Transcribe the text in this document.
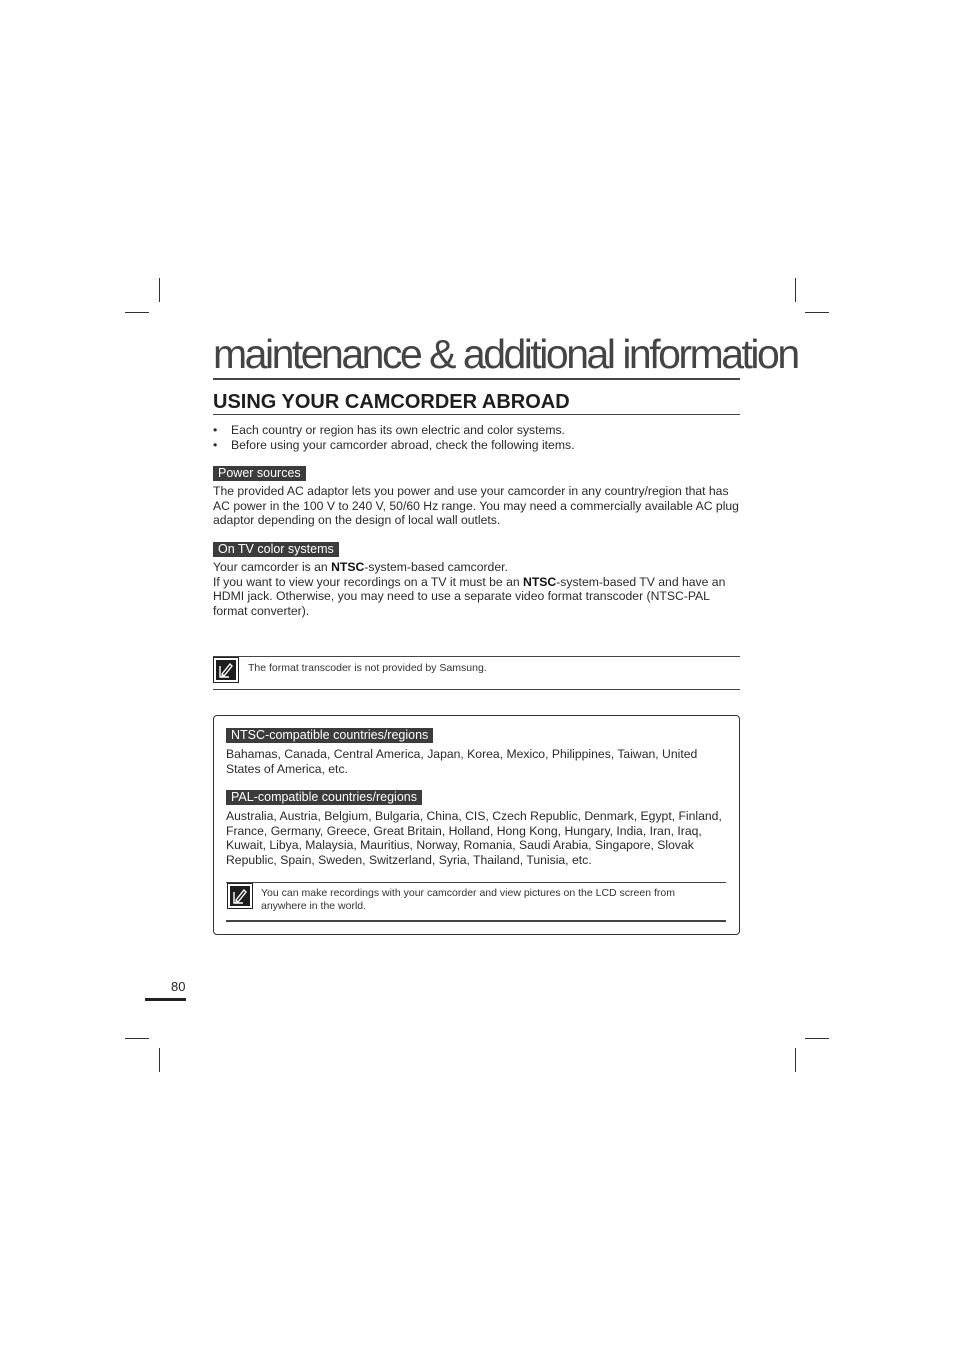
maintenance & additional information
USING YOUR CAMCORDER ABROAD
• Each country or region has its own electric and color systems.
• Before using your camcorder abroad, check the following items.
Power sources

The provided AC adaptor lets you power and use your camcorder in any country/region that has AC power in the 100 V to 240 V, 50/60 Hz range. You may need a commercially available AC plug adaptor depending on the design of local wall outlets.

On TV color systems

Your camcorder is an NTSC-system-based camcorder.
If you want to view your recordings on a TV it must be an NTSC-system-based TV and have an HDMI jack. Otherwise, you may need to use a separate video format transcoder (NTSC-PAL format converter).

The format transcoder is not provided by Samsung.
NTSC-compatible countries/regions

Bahamas, Canada, Central America, Japan, Korea, Mexico, Philippines, Taiwan, United States of America, etc.

PAL-compatible countries/regions

Australia, Austria, Belgium, Bulgaria, China, CIS, Czech Republic, Denmark, Egypt, Finland, France, Germany, Greece, Great Britain, Holland, Hong Kong, Hungary, India, Iran, Iraq, Kuwait, Libya, Malaysia, Mauritius, Norway, Romania, Saudi Arabia, Singapore, Slovak Republic, Spain, Sweden, Switzerland, Syria, Thailand, Tunisia, etc.

You can make recordings with your camcorder and view pictures on the LCD screen from anywhere in the world.
80
